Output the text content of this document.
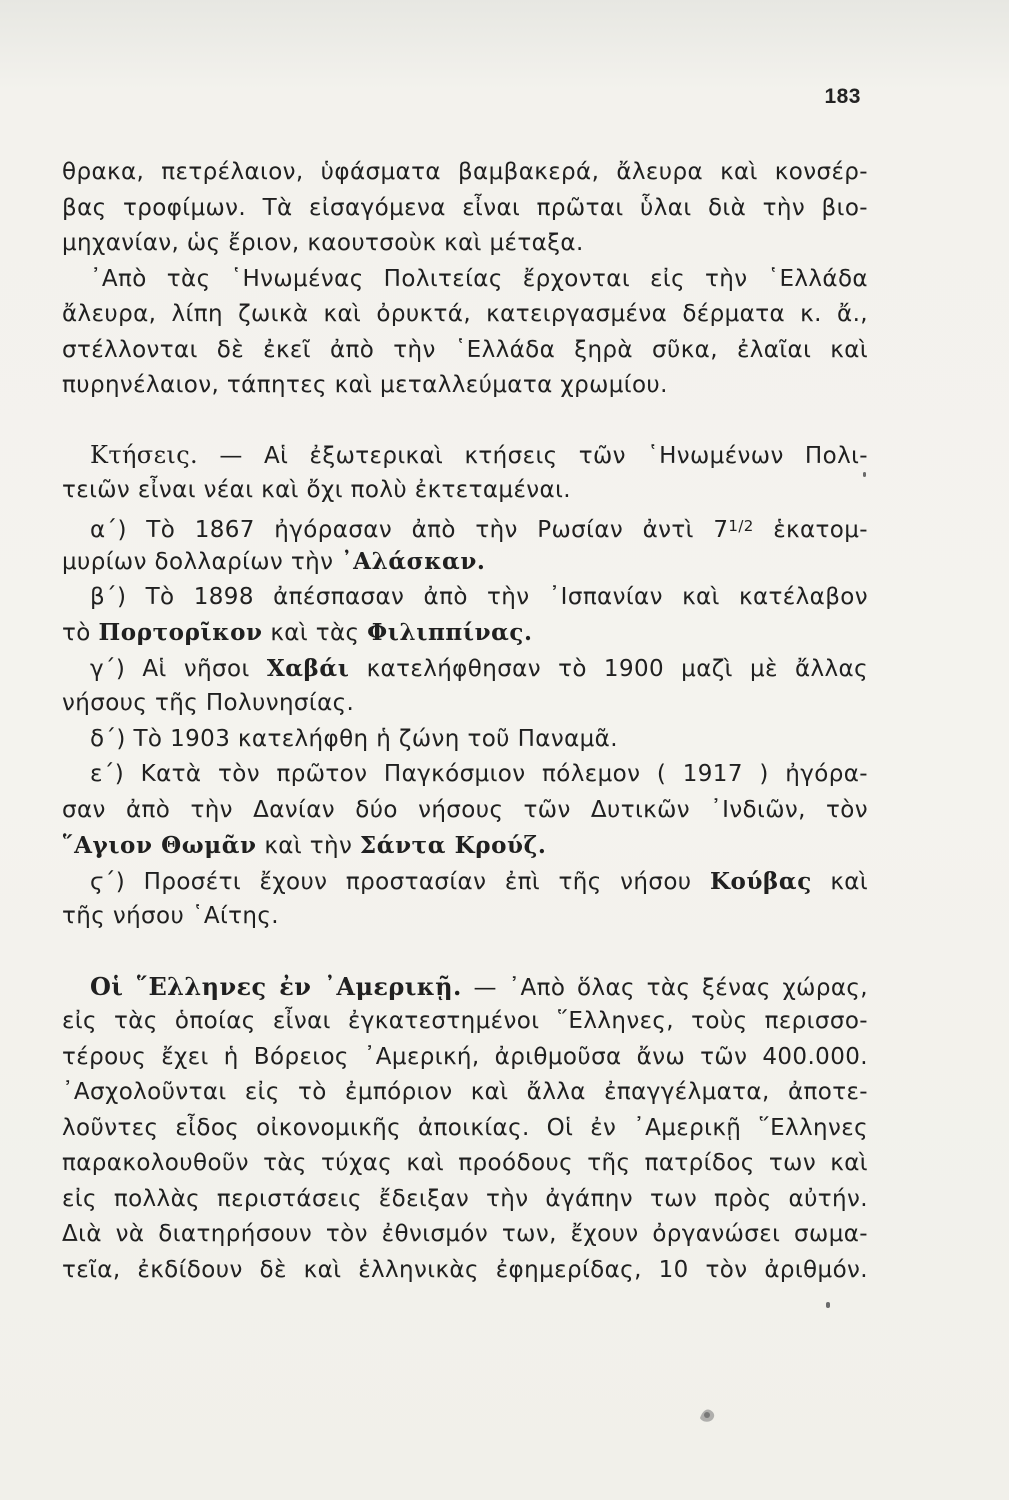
183
θρακα, πετρέλαιον, ὑφάσματα βαμβακερά, ἄλευρα καὶ κονσέρ-
βας τροφίμων. Τὰ εἰσαγόμενα εἶναι πρῶται ὗλαι διὰ τὴν βιο-
μηχανίαν, ὡς ἔριον, καουτσοὺκ καὶ μέταξα.
᾿Απὸ τὰς ῾Ηνωμένας Πολιτείας ἔρχονται εἰς τὴν ῾Ελλάδα
ἄλευρα, λίπη ζωικὰ καὶ ὀρυκτά, κατειργασμένα δέρματα κ. ἄ.,
στέλλονται δὲ ἐκεῖ ἀπὸ τὴν ῾Ελλάδα ξηρὰ σῦκα, ἐλαῖαι καὶ
πυρηνέλαιον, τάπητες καὶ μεταλλεύματα χρωμίου.
Κτήσεις. — Αἱ ἐξωτερικαὶ κτήσεις τῶν ῾Ηνωμένων Πολι-
τειῶν εἶναι νέαι καὶ ὄχι πολὺ ἐκτεταμέναι.
α΄) Τὸ 1867 ἠγόρασαν ἀπὸ τὴν Ρωσίαν ἀντὶ $7^{1/2}$ ἑκατομ-
μυρίων δολλαρίων τὴν ᾿Αλάσκαν.
β΄) Τὸ 1898 ἀπέσπασαν ἀπὸ τὴν ᾿Ισπανίαν καὶ κατέλαβον
τὸ Πορτορῖκον καὶ τὰς Φιλιππίνας.
γ΄) Αἱ νῆσοι Χαβάι κατελήφθησαν τὸ 1900 μαζὶ μὲ ἄλλας
νήσους τῆς Πολυνησίας.
δ΄) Τὸ 1903 κατελήφθη ἡ ζώνη τοῦ Παναμᾶ.
ε΄) Κατὰ τὸν πρῶτον Παγκόσμιον πόλεμον ( 1917 ) ἠγόρα-
σαν ἀπὸ τὴν Δανίαν δύο νήσους τῶν Δυτικῶν ᾿Ινδιῶν, τὸν
῞Αγιον Θωμᾶν καὶ τὴν Σάντα Κρούζ.
ϛ΄) Προσέτι ἔχουν προστασίαν ἐπὶ τῆς νήσου Κούβας καὶ
τῆς νήσου ῾Αίτης.
Οἱ ῞Ελληνες ἐν ᾿Αμερικῇ. — ᾿Απὸ ὅλας τὰς ξένας χώρας,
εἰς τὰς ὁποίας εἶναι ἐγκατεστημένοι ῞Ελληνες, τοὺς περισσο-
τέρους ἔχει ἡ Βόρειος ᾿Αμερική, ἀριθμοῦσα ἄνω τῶν 400.000.
᾿Ασχολοῦνται εἰς τὸ ἐμπόριον καὶ ἄλλα ἐπαγγέλματα, ἀποτε-
λοῦντες εἶδος οἰκονομικῆς ἀποικίας. Οἱ ἐν ᾿Αμερικῇ ῞Ελληνες
παρακολουθοῦν τὰς τύχας καὶ προόδους τῆς πατρίδος των καὶ
εἰς πολλὰς περιστάσεις ἔδειξαν τὴν ἀγάπην των πρὸς αὐτήν.
Διὰ νὰ διατηρήσουν τὸν ἐθνισμόν των, ἔχουν ὀργανώσει σωμα-
τεῖα, ἐκδίδουν δὲ καὶ ἑλληνικὰς ἐφημερίδας, 10 τὸν ἀριθμόν.
